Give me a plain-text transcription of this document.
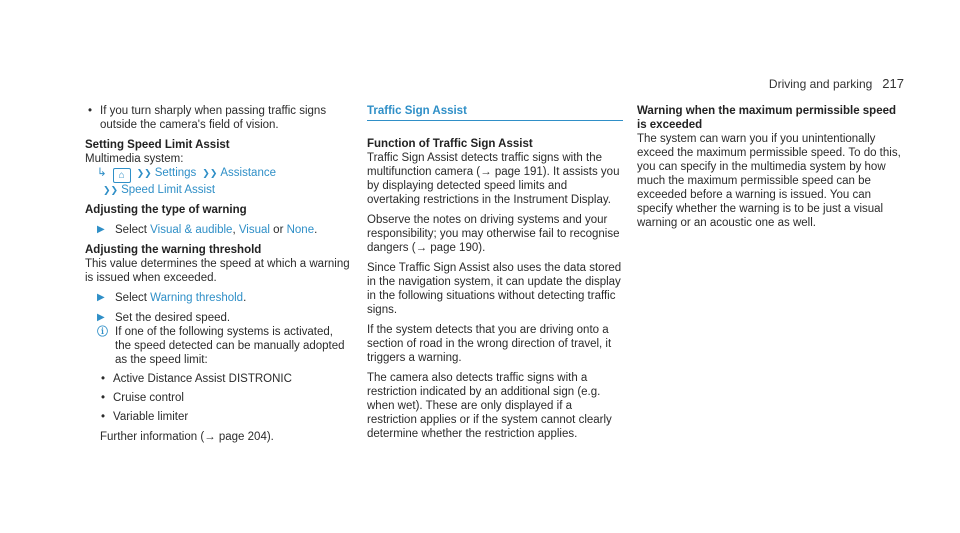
Driving and parking 217

• If you turn sharply when passing traffic signs outside the camera's field of vision.

Setting Speed Limit Assist

Multimedia system:

↳ ⌂ ❯❯ Settings ❯❯ Assistance

❯❯ Speed Limit Assist

Adjusting the type of warning

▶ Select Visual & audible, Visual or None.

Adjusting the warning threshold

This value determines the speed at which a warning is issued when exceeded.

▶ Select Warning threshold.

▶ Set the desired speed.

ⓘ If one of the following systems is activated, the speed detected can be manually adopted as the speed limit:

• Active Distance Assist DISTRONIC

• Cruise control

• Variable limiter

Further information (→ page 204).

Traffic Sign Assist

Function of Traffic Sign Assist

Traffic Sign Assist detects traffic signs with the multifunction camera (→ page 191). It assists you by displaying detected speed limits and overtaking restrictions in the Instrument Display.

Observe the notes on driving systems and your responsibility; you may otherwise fail to recognise dangers (→ page 190).

Since Traffic Sign Assist also uses the data stored in the navigation system, it can update the display in the following situations without detecting traffic signs.

If the system detects that you are driving onto a section of road in the wrong direction of travel, it triggers a warning.

The camera also detects traffic signs with a restriction indicated by an additional sign (e.g. when wet). These are only displayed if a restriction applies or if the system cannot clearly determine whether the restriction applies.

Warning when the maximum permissible speed is exceeded

The system can warn you if you unintentionally exceed the maximum permissible speed. To do this, you can specify in the multimedia system by how much the maximum permissible speed can be exceeded before a warning is issued. You can specify whether the warning is to be just a visual warning or an acoustic one as well.
